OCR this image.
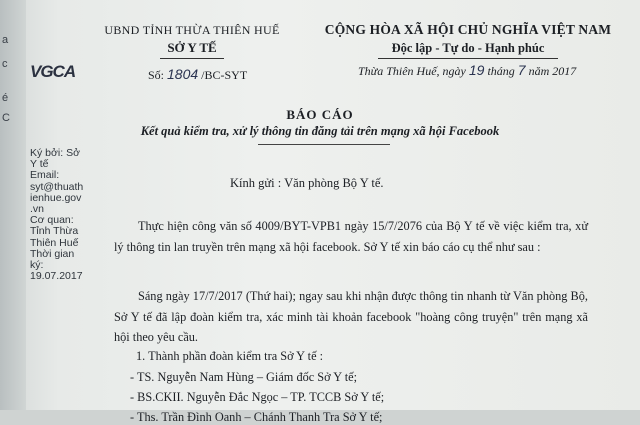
a
c
é
C
UBND TỈNH THỪA THIÊN HUẾ
SỞ Y TẾ
CỘNG HÒA XÃ HỘI CHỦ NGHĨA VIỆT NAM
Độc lập - Tự do - Hạnh phúc
VGCA	Số: 1804 /BC-SYT	Thừa Thiên Huế, ngày 19 tháng 7 năm 2017
BÁO CÁO
Kết quả kiểm tra, xử lý thông tin đăng tải trên mạng xã hội Facebook
Ký bởi: Sở
Y tế
Email:
syt@thuath
ienhue.gov
.vn
Cơ quan:
Tỉnh Thừa
Thiên Huế
Thời gian
ký:
19.07.2017
Kính gửi : Văn phòng Bộ Y tế.
Thực hiện công văn số 4009/BYT-VPB1 ngày 15/7/2076 của Bộ Y tế về việc kiểm tra, xử lý thông tin lan truyền trên mạng xã hội facebook. Sở Y tế xin báo cáo cụ thể như sau :
Sáng ngày 17/7/2017 (Thứ hai); ngay sau khi nhận được thông tin nhanh từ Văn phòng Bộ, Sở Y tế đã lập đoàn kiểm tra, xác minh tài khoản facebook "hoàng công truyện" trên mạng xã hội theo yêu cầu.
1. Thành phần đoàn kiểm tra Sở Y tế :
- TS. Nguyễn Nam Hùng – Giám đốc Sở Y tế;
- BS.CKII. Nguyễn Đắc Ngọc – TP. TCCB Sở Y tế;
- Ths. Trần Đình Oanh – Chánh Thanh Tra Sở Y tế;
